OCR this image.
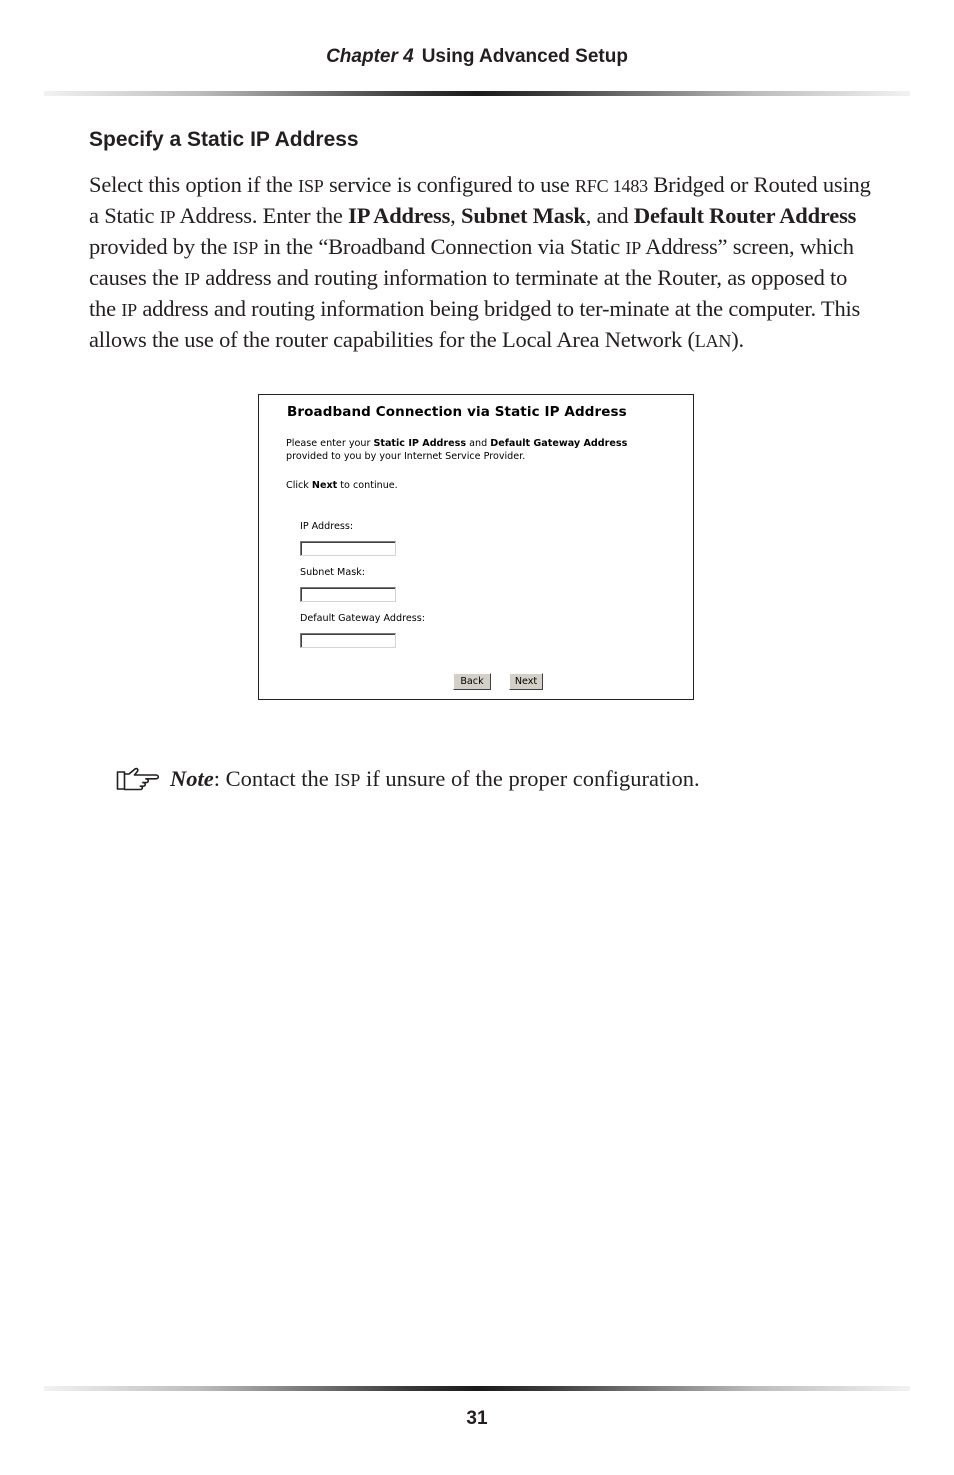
Chapter 4 Using Advanced Setup
Specify a Static IP Address
Select this option if the ISP service is configured to use RFC 1483 Bridged or Routed using a Static IP Address. Enter the IP Address, Subnet Mask, and Default Router Address provided by the ISP in the “Broadband Connection via Static IP Address” screen, which causes the IP address and routing information to terminate at the Router, as opposed to the IP address and routing information being bridged to ter-minate at the computer. This allows the use of the router capabilities for the Local Area Network (LAN).
Broadband Connection via Static IP Address
Please enter your Static IP Address and Default Gateway Address
provided to you by your Internet Service Provider.
Click Next to continue.
IP Address:
Subnet Mask:
Default Gateway Address:
Back	Next
Note: Contact the ISP if unsure of the proper configuration.
31
